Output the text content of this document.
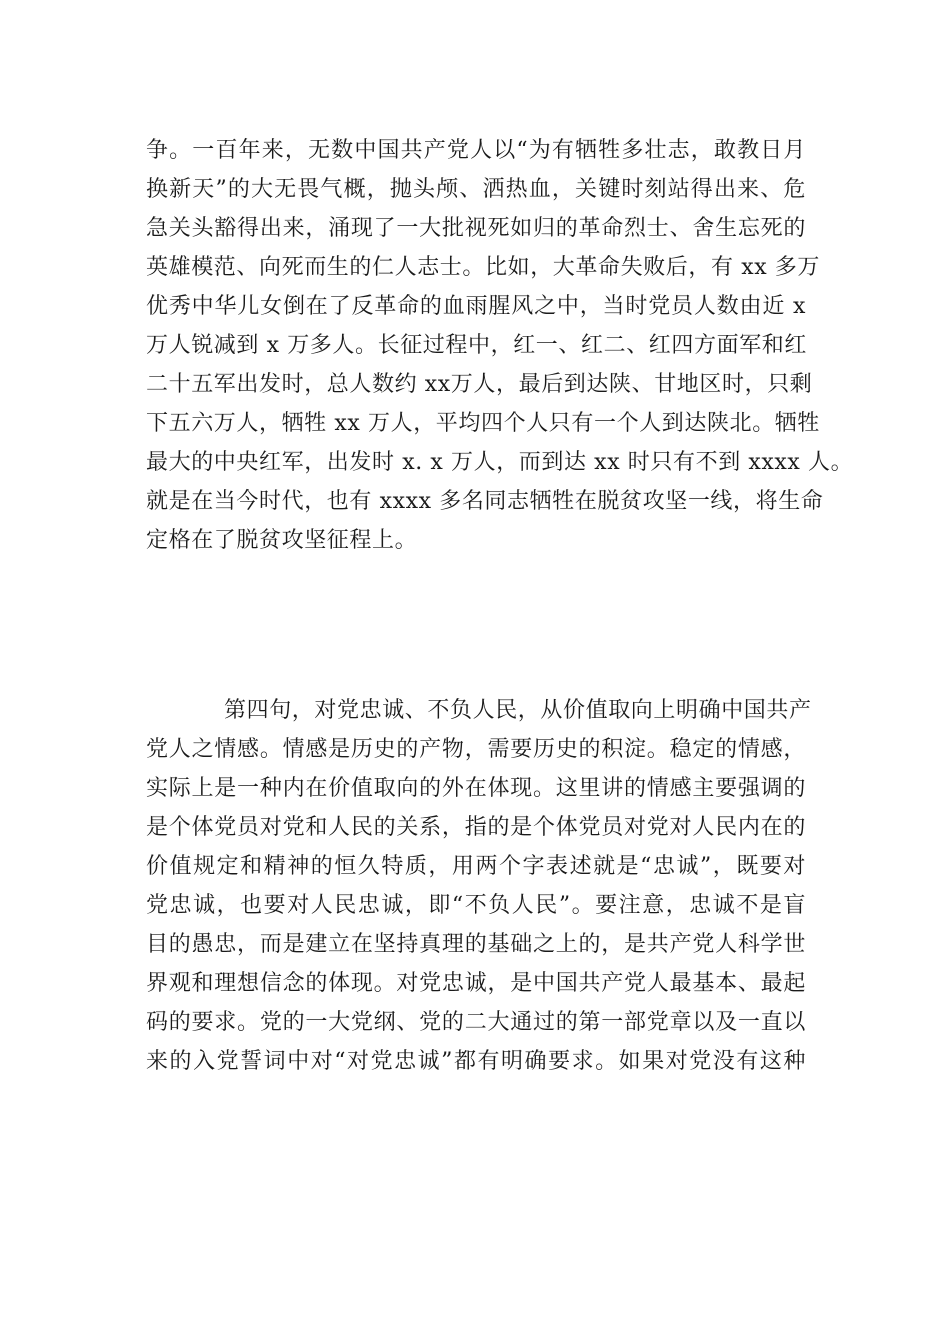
争。一百年来，无数中国共产党人以“为有牺牲多壮志，敢教日月
换新天”的大无畏气概，抛头颅、洒热血，关键时刻站得出来、危
急关头豁得出来，涌现了一大批视死如归的革命烈士、舍生忘死的
英雄模范、向死而生的仁人志士。比如，大革命失败后，有 xx 多万
优秀中华儿女倒在了反革命的血雨腥风之中，当时党员人数由近 x
万人锐减到 x 万多人。长征过程中，红一、红二、红四方面军和红
二十五军出发时，总人数约 xx万人，最后到达陕、甘地区时，只剩
下五六万人，牺牲 xx 万人，平均四个人只有一个人到达陕北。牺牲
最大的中央红军，出发时 x. x 万人，而到达 xx 时只有不到 xxxx 人。
就是在当今时代，也有 xxxx 多名同志牺牲在脱贫攻坚一线，将生命
定格在了脱贫攻坚征程上。
第四句，对党忠诚、不负人民，从价值取向上明确中国共产
党人之情感。情感是历史的产物，需要历史的积淀。稳定的情感，
实际上是一种内在价值取向的外在体现。这里讲的情感主要强调的
是个体党员对党和人民的关系，指的是个体党员对党对人民内在的
价值规定和精神的恒久特质，用两个字表述就是“忠诚”，既要对
党忠诚，也要对人民忠诚，即“不负人民”。要注意，忠诚不是盲
目的愚忠，而是建立在坚持真理的基础之上的，是共产党人科学世
界观和理想信念的体现。对党忠诚，是中国共产党人最基本、最起
码的要求。党的一大党纲、党的二大通过的第一部党章以及一直以
来的入党誓词中对“对党忠诚”都有明确要求。如果对党没有这种
